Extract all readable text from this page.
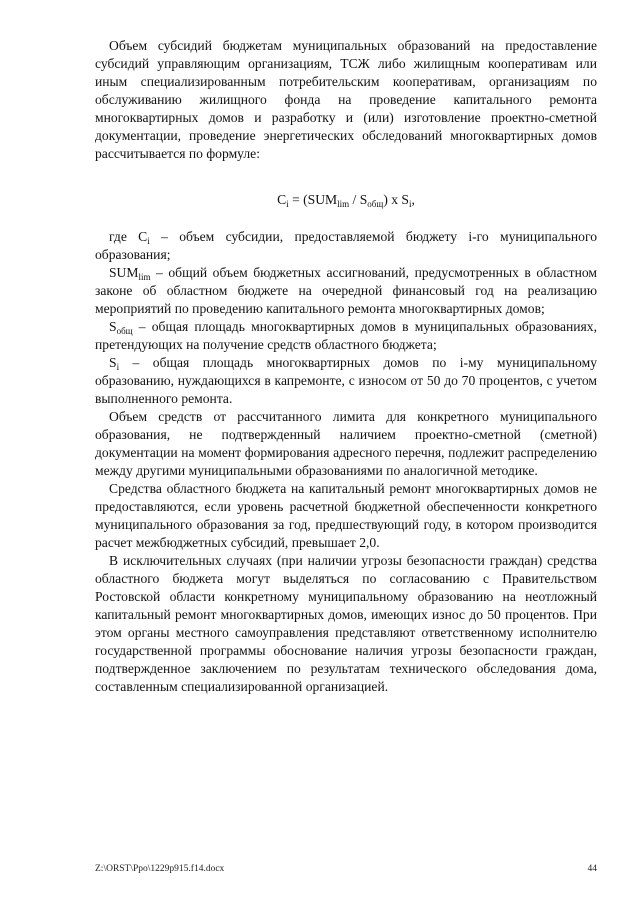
Объем субсидий бюджетам муниципальных образований на предоставление субсидий управляющим организациям, ТСЖ либо жилищным кооперативам или иным специализированным потребительским кооперативам, организациям по обслуживанию жилищного фонда на проведение капитального ремонта многоквартирных домов и разработку и (или) изготовление проектно-сметной документации, проведение энергетических обследований многоквартирных домов рассчитывается по формуле:

$C_i = (SUM_{lim} / S_{общ})$ x $S_i$,

где $C_i$ – объем субсидии, предоставляемой бюджету i-го муниципального образования;

$SUM_{lim}$ – общий объем бюджетных ассигнований, предусмотренных в областном законе об областном бюджете на очередной финансовый год на реализацию мероприятий по проведению капитального ремонта многоквартирных домов;

$S_{общ}$ – общая площадь многоквартирных домов в муниципальных образованиях, претендующих на получение средств областного бюджета;

$S_i$ – общая площадь многоквартирных домов по i-му муниципальному образованию, нуждающихся в капремонте, с износом от 50 до 70 процентов, с учетом выполненного ремонта.

Объем средств от рассчитанного лимита для конкретного муниципального образования, не подтвержденный наличием проектно-сметной (сметной) документации на момент формирования адресного перечня, подлежит распределению между другими муниципальными образованиями по аналогичной методике.

Средства областного бюджета на капитальный ремонт многоквартирных домов не предоставляются, если уровень расчетной бюджетной обеспеченности конкретного муниципального образования за год, предшествующий году, в котором производится расчет межбюджетных субсидий, превышает 2,0.

В исключительных случаях (при наличии угрозы безопасности граждан) средства областного бюджета могут выделяться по согласованию с Правительством Ростовской области конкретному муниципальному образованию на неотложный капитальный ремонт многоквартирных домов, имеющих износ до 50 процентов. При этом органы местного самоуправления представляют ответственному исполнителю государственной программы обоснование наличия угрозы безопасности граждан, подтвержденное заключением по результатам технического обследования дома, составленным специализированной организацией.

Z:\ORST\Ppo\1229p915.f14.docx	44
